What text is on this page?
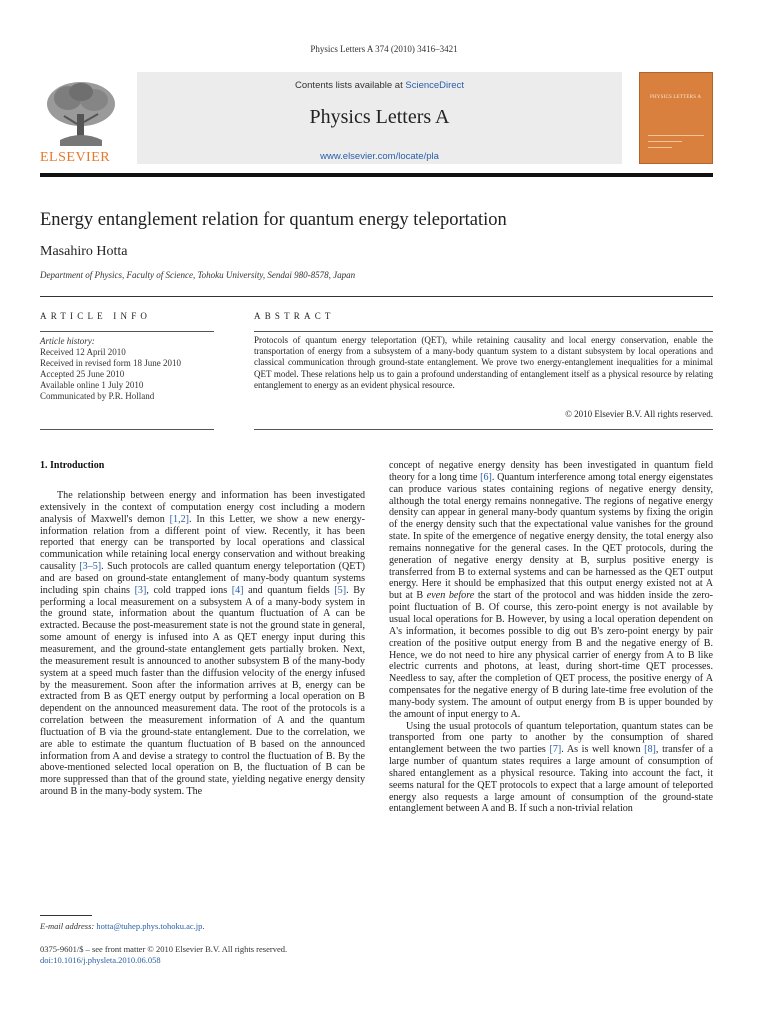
Physics Letters A 374 (2010) 3416–3421
ELSEVIER
Contents lists available at ScienceDirect
Physics Letters A
www.elsevier.com/locate/pla
PHYSICS LETTERS A
Energy entanglement relation for quantum energy teleportation
Masahiro Hotta
Department of Physics, Faculty of Science, Tohoku University, Sendai 980-8578, Japan
ARTICLE INFO
Article history:
Received 12 April 2010
Received in revised form 18 June 2010
Accepted 25 June 2010
Available online 1 July 2010
Communicated by P.R. Holland
ABSTRACT
Protocols of quantum energy teleportation (QET), while retaining causality and local energy conservation, enable the transportation of energy from a subsystem of a many-body quantum system to a distant subsystem by local operations and classical communication through ground-state entanglement. We prove two energy-entanglement inequalities for a minimal QET model. These relations help us to gain a profound understanding of entanglement itself as a physical resource by relating entanglement to energy as an evident physical resource.
© 2010 Elsevier B.V. All rights reserved.
1. Introduction

The relationship between energy and information has been investigated extensively in the context of computation energy cost including a modern analysis of Maxwell's demon [1,2]. In this Letter, we show a new energy-information relation from a different point of view. Recently, it has been reported that energy can be transported by local operations and classical communication while retaining local energy conservation and without breaking causality [3–5]. Such protocols are called quantum energy teleportation (QET) and are based on ground-state entanglement of many-body quantum systems including spin chains [3], cold trapped ions [4] and quantum fields [5]. By performing a local measurement on a subsystem A of a many-body system in the ground state, information about the quantum fluctuation of A can be extracted. Because the post-measurement state is not the ground state in general, some amount of energy is infused into A as QET energy input during this measurement, and the ground-state entanglement gets partially broken. Next, the measurement result is announced to another subsystem B of the many-body system at a speed much faster than the diffusion velocity of the energy infused by the measurement. Soon after the information arrives at B, energy can be extracted from B as QET energy output by performing a local operation on B dependent on the announced measurement data. The root of the protocols is a correlation between the measurement information of A and the quantum fluctuation of B via the ground-state entanglement. Due to the correlation, we are able to estimate the quantum fluctuation of B based on the announced information from A and devise a strategy to control the fluctuation of B. By the above-mentioned selected local operation on B, the fluctuation of B can be more suppressed than that of the ground state, yielding negative energy density around B in the many-body system. The

concept of negative energy density has been investigated in quantum field theory for a long time [6]. Quantum interference among total energy eigenstates can produce various states containing regions of negative energy density, although the total energy remains nonnegative. The regions of negative energy density can appear in general many-body quantum systems by fixing the origin of the energy density such that the expectational value vanishes for the ground state. In spite of the emergence of negative energy density, the total energy also remains nonnegative for the general cases. In the QET protocols, during the generation of negative energy density at B, surplus positive energy is transferred from B to external systems and can be harnessed as the QET output energy. Here it should be emphasized that this output energy existed not at A but at B even before the start of the protocol and was hidden inside the zero-point fluctuation of B. Of course, this zero-point energy is not available by usual local operations for B. However, by using a local operation dependent on A's information, it becomes possible to dig out B's zero-point energy by pair creation of the positive output energy from B and the negative energy of B. Hence, we do not need to hire any physical carrier of energy from A to B like electric currents and photons, at least, during short-time QET processes. Needless to say, after the completion of QET process, the positive energy of A compensates for the negative energy of B during late-time free evolution of the many-body system. The amount of output energy from B is upper bounded by the amount of input energy to A.

Using the usual protocols of quantum teleportation, quantum states can be transported from one party to another by the consumption of shared entanglement between the two parties [7]. As is well known [8], transfer of a large number of quantum states requires a large amount of consumption of shared entanglement as a physical resource. Taking into account the fact, it seems natural for the QET protocols to expect that a large amount of teleported energy also requests a large amount of consumption of the ground-state entanglement between A and B. If such a non-trivial relation

E-mail address: hotta@tuhep.phys.tohoku.ac.jp.
0375-9601/$ – see front matter © 2010 Elsevier B.V. All rights reserved.
doi:10.1016/j.physleta.2010.06.058
